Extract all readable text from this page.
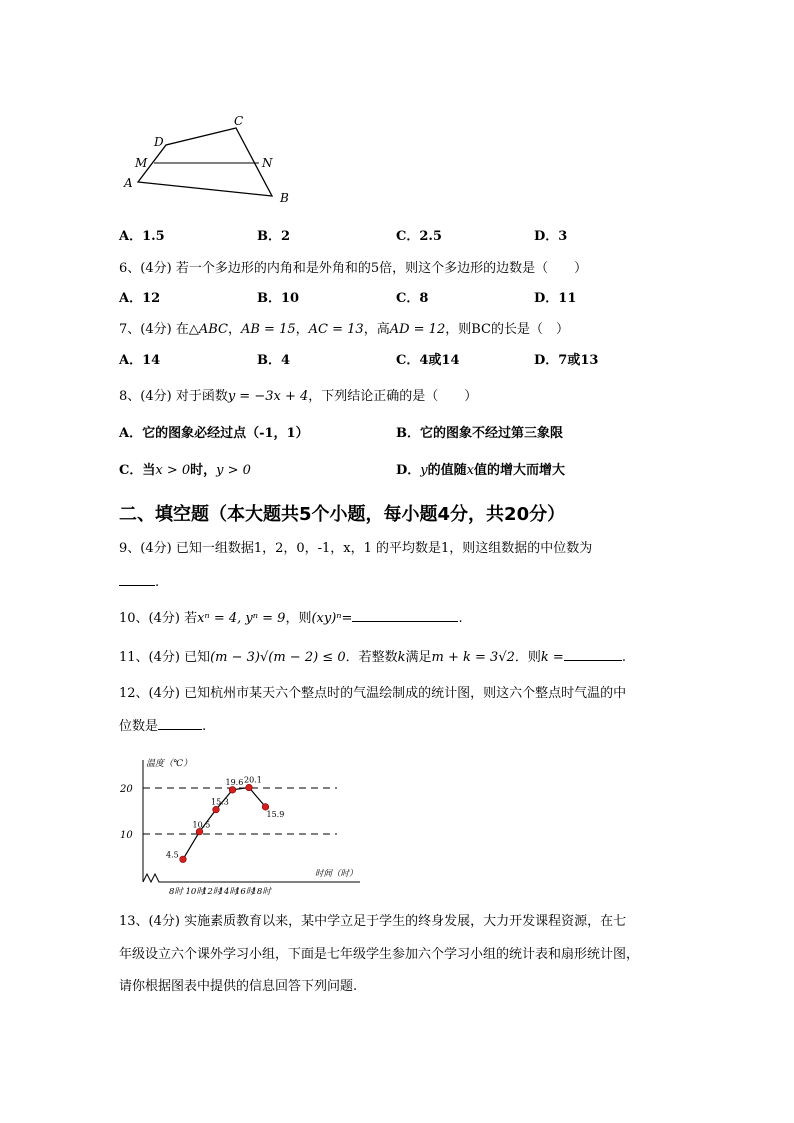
C
D
M	N
A
B
A．1.5	B．2	C．2.5	D．3
6、(4分) 若一个多边形的内角和是外角和的5倍，则这个多边形的边数是（　　）
A．12	B．10	C．8	D．11
7、(4分) 在△ABC，AB = 15，AC = 13，高AD = 12，则BC的长是（　）
A．14	B．4	C．4或14	D．7或13
8、(4分) 对于函数y = −3x + 4，下列结论正确的是（　　）
A．它的图象必经过点（-1，1）	B．它的图象不经过第三象限
C．当x > 0时，y > 0	D．y的值随x值的增大而增大
二、填空题（本大题共5个小题，每小题4分，共20分）
9、(4分) 已知一组数据1，2，0，-1，x，1 的平均数是1，则这组数据的中位数为
.
10、(4分) 若xⁿ = 4, yⁿ = 9，则(xy)ⁿ=	.
11、(4分) 已知(m − 3)√(m − 2) ≤ 0．若整数k满足m + k = 3√2．则k =	.
12、(4分) 已知杭州市某天六个整点时的气温绘制成的统计图，则这六个整点时气温的中
位数是	.
20
10
温度（℃）
时间（时）
8时 10时
12时
14时
16时
18时
4.5
10.5
15.3
19.6 20.1
15.9
13、(4分) 实施素质教育以来，某中学立足于学生的终身发展，大力开发课程资源，在七
年级设立六个课外学习小组，下面是七年级学生参加六个学习小组的统计表和扇形统计图，
请你根据图表中提供的信息回答下列问题.
